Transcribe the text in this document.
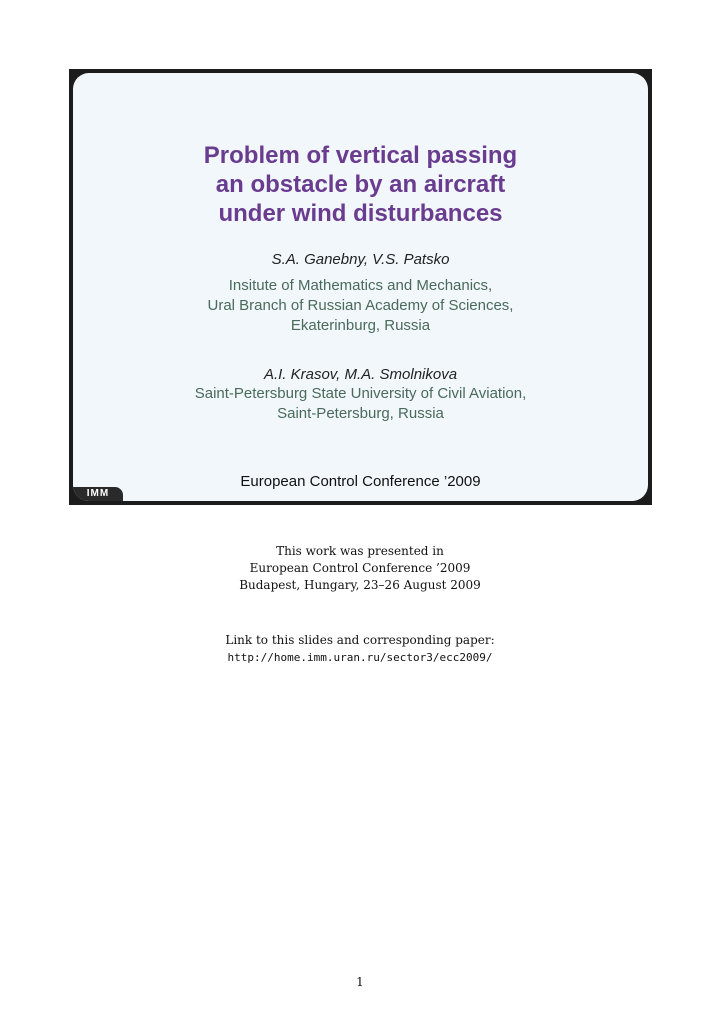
Problem of vertical passing
an obstacle by an aircraft
under wind disturbances
S.A. Ganebny, V.S. Patsko
Insitute of Mathematics and Mechanics,
Ural Branch of Russian Academy of Sciences,
Ekaterinburg, Russia
A.I. Krasov, M.A. Smolnikova
Saint-Petersburg State University of Civil Aviation,
Saint-Petersburg, Russia
European Control Conference ’2009
IMM
This work was presented in
European Control Conference ’2009
Budapest, Hungary, 23–26 August 2009
Link to this slides and corresponding paper:
http://home.imm.uran.ru/sector3/ecc2009/
1
